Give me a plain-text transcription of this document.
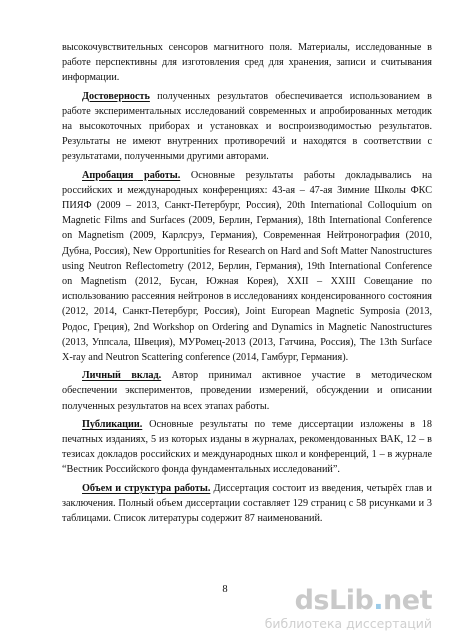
высокочувствительных сенсоров магнитного поля. Материалы, исследованные в работе перспективны для изготовления сред для хранения, записи и считывания информации.

Достоверность полученных результатов обеспечивается использованием в работе экспериментальных исследований современных и апробированных методик на высокоточных приборах и установках и воспроизводимостью результатов. Результаты не имеют внутренних противоречий и находятся в соответствии с результатами, полученными другими авторами.

Апробация работы. Основные результаты работы докладывались на российских и международных конференциях: 43-ая – 47-ая Зимние Школы ФКС ПИЯФ (2009 – 2013, Санкт-Петербург, Россия), 20th International Colloquium on Magnetic Films and Surfaces (2009, Берлин, Германия), 18th International Conference on Magnetism (2009, Карлсруэ, Германия), Современная Нейтронография (2010, Дубна, Россия), New Opportunities for Research on Hard and Soft Matter Nanostructures using Neutron Reflectometry (2012, Берлин, Германия), 19th International Conference on Magnetism (2012, Бусан, Южная Корея), XXII – XXIII Совещание по использованию рассеяния нейтронов в исследованиях конденсированного состояния (2012, 2014, Санкт-Петербург, Россия), Joint European Magnetic Symposia (2013, Родос, Греция), 2nd Workshop on Ordering and Dynamics in Magnetic Nanostructures (2013, Уппсала, Швеция), МУРомец-2013 (2013, Гатчина, Россия), The 13th Surface X-ray and Neutron Scattering conference (2014, Гамбург, Германия).

Личный вклад. Автор принимал активное участие в методическом обеспечении экспериментов, проведении измерений, обсуждении и описании полученных результатов на всех этапах работы.

Публикации. Основные результаты по теме диссертации изложены в 18 печатных изданиях, 5 из которых изданы в журналах, рекомендованных ВАК, 12 – в тезисах докладов российских и международных школ и конференций, 1 – в журнале “Вестник Российского фонда фундаментальных исследований”.

Объем и структура работы. Диссертация состоит из введения, четырёх глав и заключения. Полный объем диссертации составляет 129 страниц с 58 рисунками и 3 таблицами. Список литературы содержит 87 наименований.

8	dsLib.net
библиотека диссертаций
